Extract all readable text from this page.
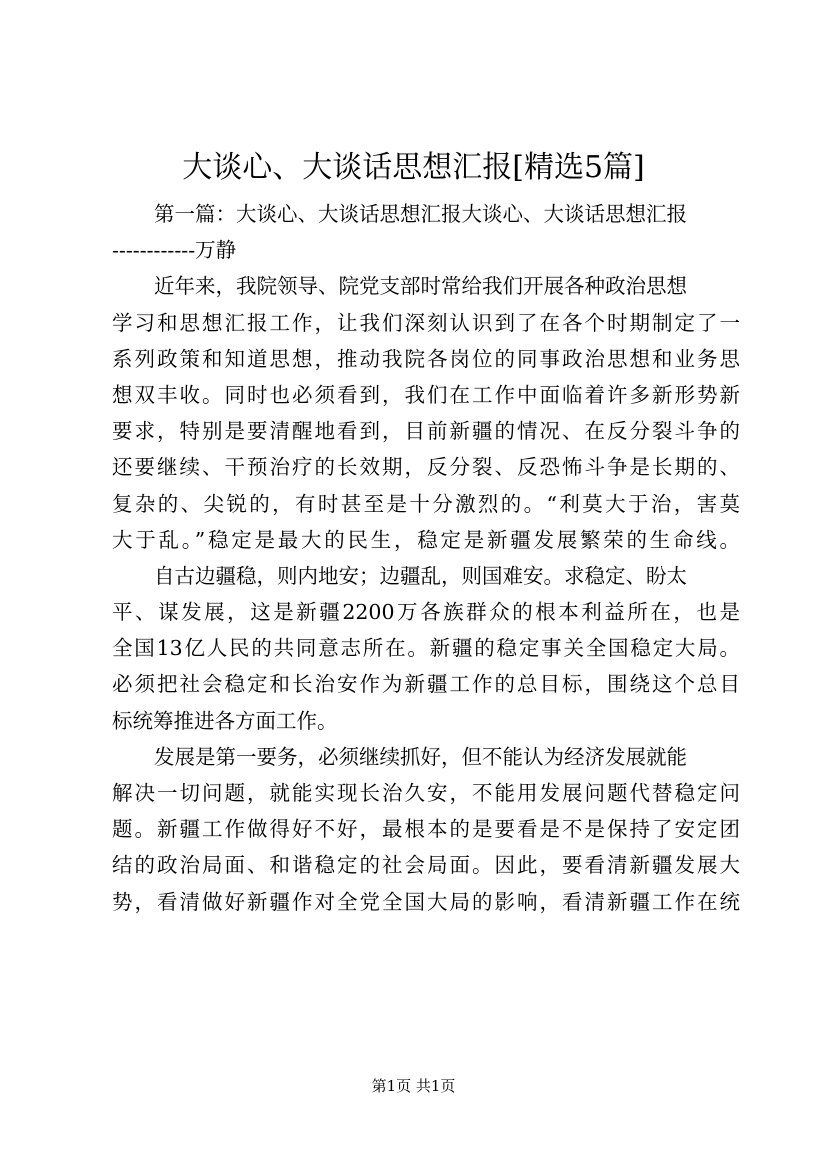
大谈心、大谈话思想汇报[精选5篇]
第一篇：大谈心、大谈话思想汇报大谈心、大谈话思想汇报
------------万静
近年来，我院领导、院党支部时常给我们开展各种政治思想
学习和思想汇报工作，让我们深刻认识到了在各个时期制定了一
系列政策和知道思想，推动我院各岗位的同事政治思想和业务思
想双丰收。同时也必须看到，我们在工作中面临着许多新形势新
要求，特别是要清醒地看到，目前新疆的情况、在反分裂斗争的
还要继续、干预治疗的长效期，反分裂、反恐怖斗争是长期的、
复杂的、尖锐的，有时甚至是十分激烈的。“利莫大于治，害莫
大于乱。”稳定是最大的民生，稳定是新疆发展繁荣的生命线。
自古边疆稳，则内地安；边疆乱，则国难安。求稳定、盼太
平、谋发展，这是新疆2200万各族群众的根本利益所在，也是
全国13亿人民的共同意志所在。新疆的稳定事关全国稳定大局。
必须把社会稳定和长治安作为新疆工作的总目标，围绕这个总目
标统筹推进各方面工作。
发展是第一要务，必须继续抓好，但不能认为经济发展就能
解决一切问题，就能实现长治久安，不能用发展问题代替稳定问
题。新疆工作做得好不好，最根本的是要看是不是保持了安定团
结的政治局面、和谐稳定的社会局面。因此，要看清新疆发展大
势，看清做好新疆作对全党全国大局的影响，看清新疆工作在统
第1页 共1页
